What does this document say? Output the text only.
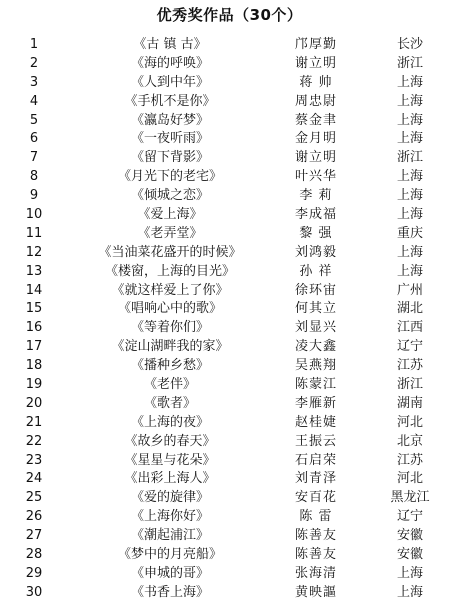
优秀奖作品（30个）
1	《古 镇 古》	邝厚勤	长沙
2	《海的呼唤》	谢立明	浙江
3	《人到中年》	蒋 帅	上海
4	《手机不是你》	周忠尉	上海
5	《瀛岛好梦》	蔡金聿	上海
6	《一夜听雨》	金月明	上海
7	《留下背影》	谢立明	浙江
8	《月光下的老宅》	叶兴华	上海
9	《倾城之恋》	李 莉	上海
10	《爱上海》	李成福	上海
11	《老弄堂》	黎 强	重庆
12	《当油菜花盛开的时候》	刘鸿毅	上海
13	《楼窗，上海的目光》	孙 祥	上海
14	《就这样爱上了你》	徐环宙	广州
15	《唱响心中的歌》	何其立	湖北
16	《等着你们》	刘显兴	江西
17	《淀山湖畔我的家》	凌大鑫	辽宁
18	《播种乡愁》	吴燕翔	江苏
19	《老伴》	陈蒙江	浙江
20	《歌者》	李雁新	湖南
21	《上海的夜》	赵桂婕	河北
22	《故乡的春天》	王振云	北京
23	《星星与花朵》	石启荣	江苏
24	《出彩上海人》	刘青泽	河北
25	《爱的旋律》	安百花	黑龙江
26	《上海你好》	陈 雷	辽宁
27	《潮起浦江》	陈善友	安徽
28	《梦中的月亮船》	陈善友	安徽
29	《申城的哥》	张海清	上海
30	《书香上海》	黄映謳	上海
